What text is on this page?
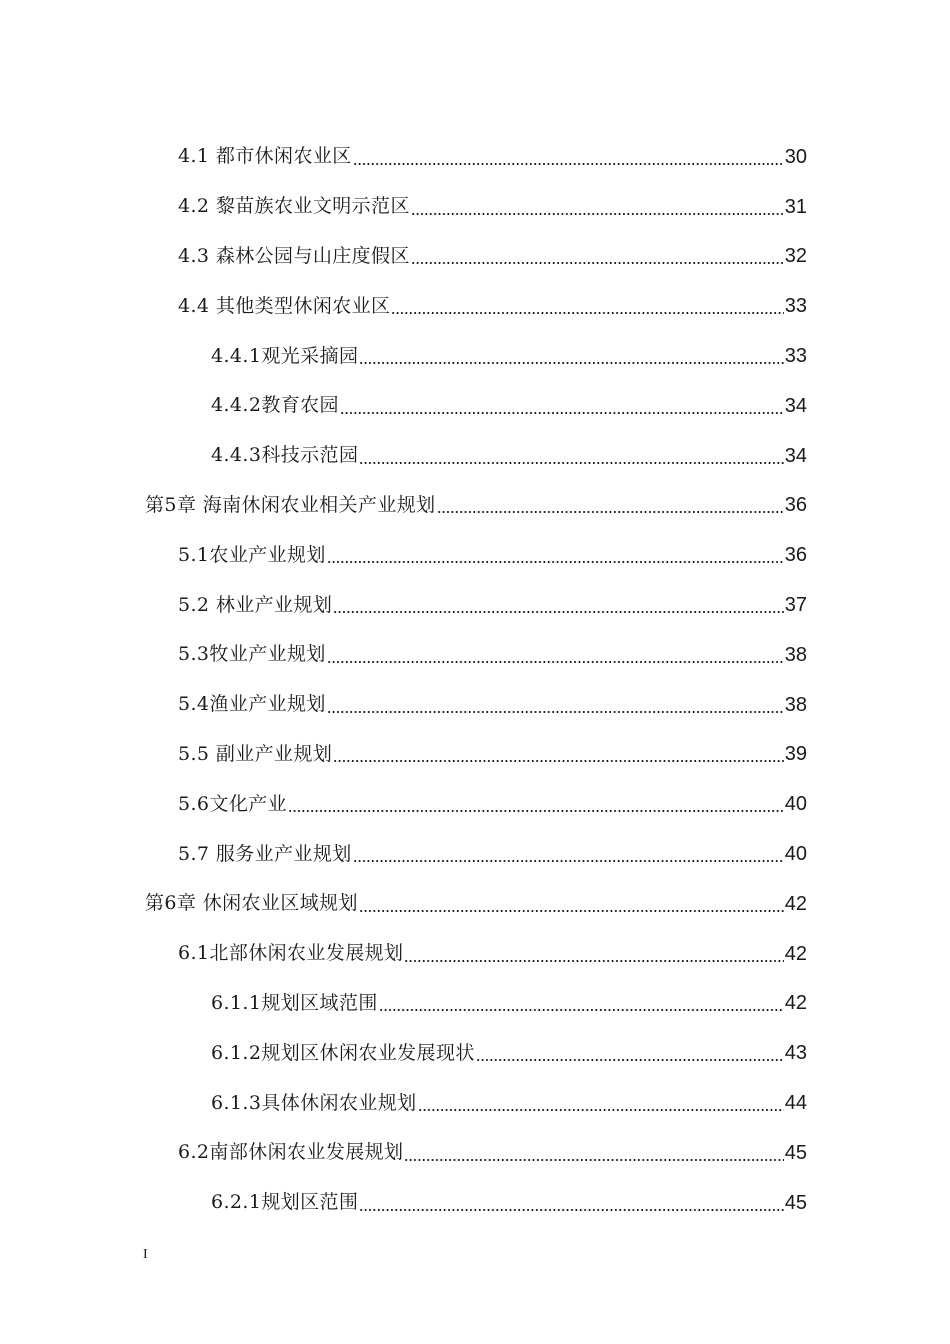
4.1 都市休闲农业区	30
4.2 黎苗族农业文明示范区	31
4.3 森林公园与山庄度假区	32
4.4 其他类型休闲农业区	33
4.4.1观光采摘园	33
4.4.2教育农园	34
4.4.3科技示范园	34
第5章 海南休闲农业相关产业规划	36
5.1农业产业规划	36
5.2 林业产业规划	37
5.3牧业产业规划	38
5.4渔业产业规划	38
5.5 副业产业规划	39
5.6文化产业	40
5.7 服务业产业规划	40
第6章 休闲农业区域规划	42
6.1北部休闲农业发展规划	42
6.1.1规划区域范围	42
6.1.2规划区休闲农业发展现状	43
6.1.3具体休闲农业规划	44
6.2南部休闲农业发展规划	45
6.2.1规划区范围	45
I
